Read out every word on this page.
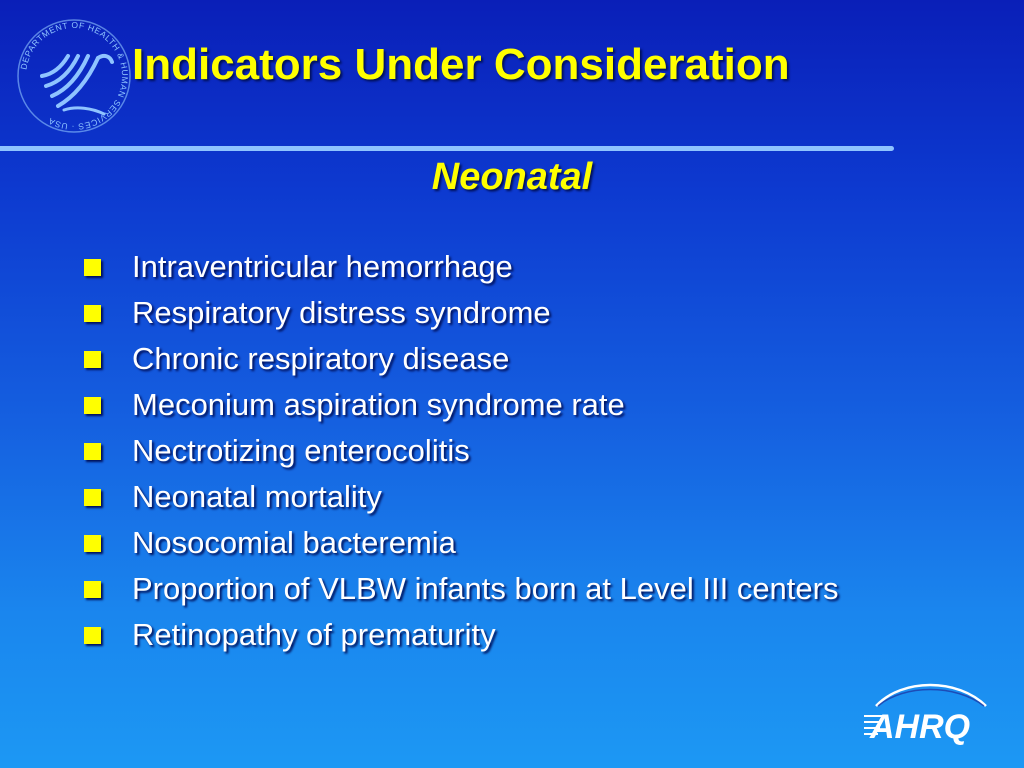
DEPARTMENT OF HEALTH & HUMAN SERVICES · USA
Indicators Under Consideration
Neonatal
Intraventricular hemorrhage
Respiratory distress syndrome
Chronic respiratory disease
Meconium aspiration syndrome rate
Nectrotizing enterocolitis
Neonatal mortality
Nosocomial bacteremia
Proportion of VLBW infants born at Level III centers
Retinopathy of prematurity
AHRQ
